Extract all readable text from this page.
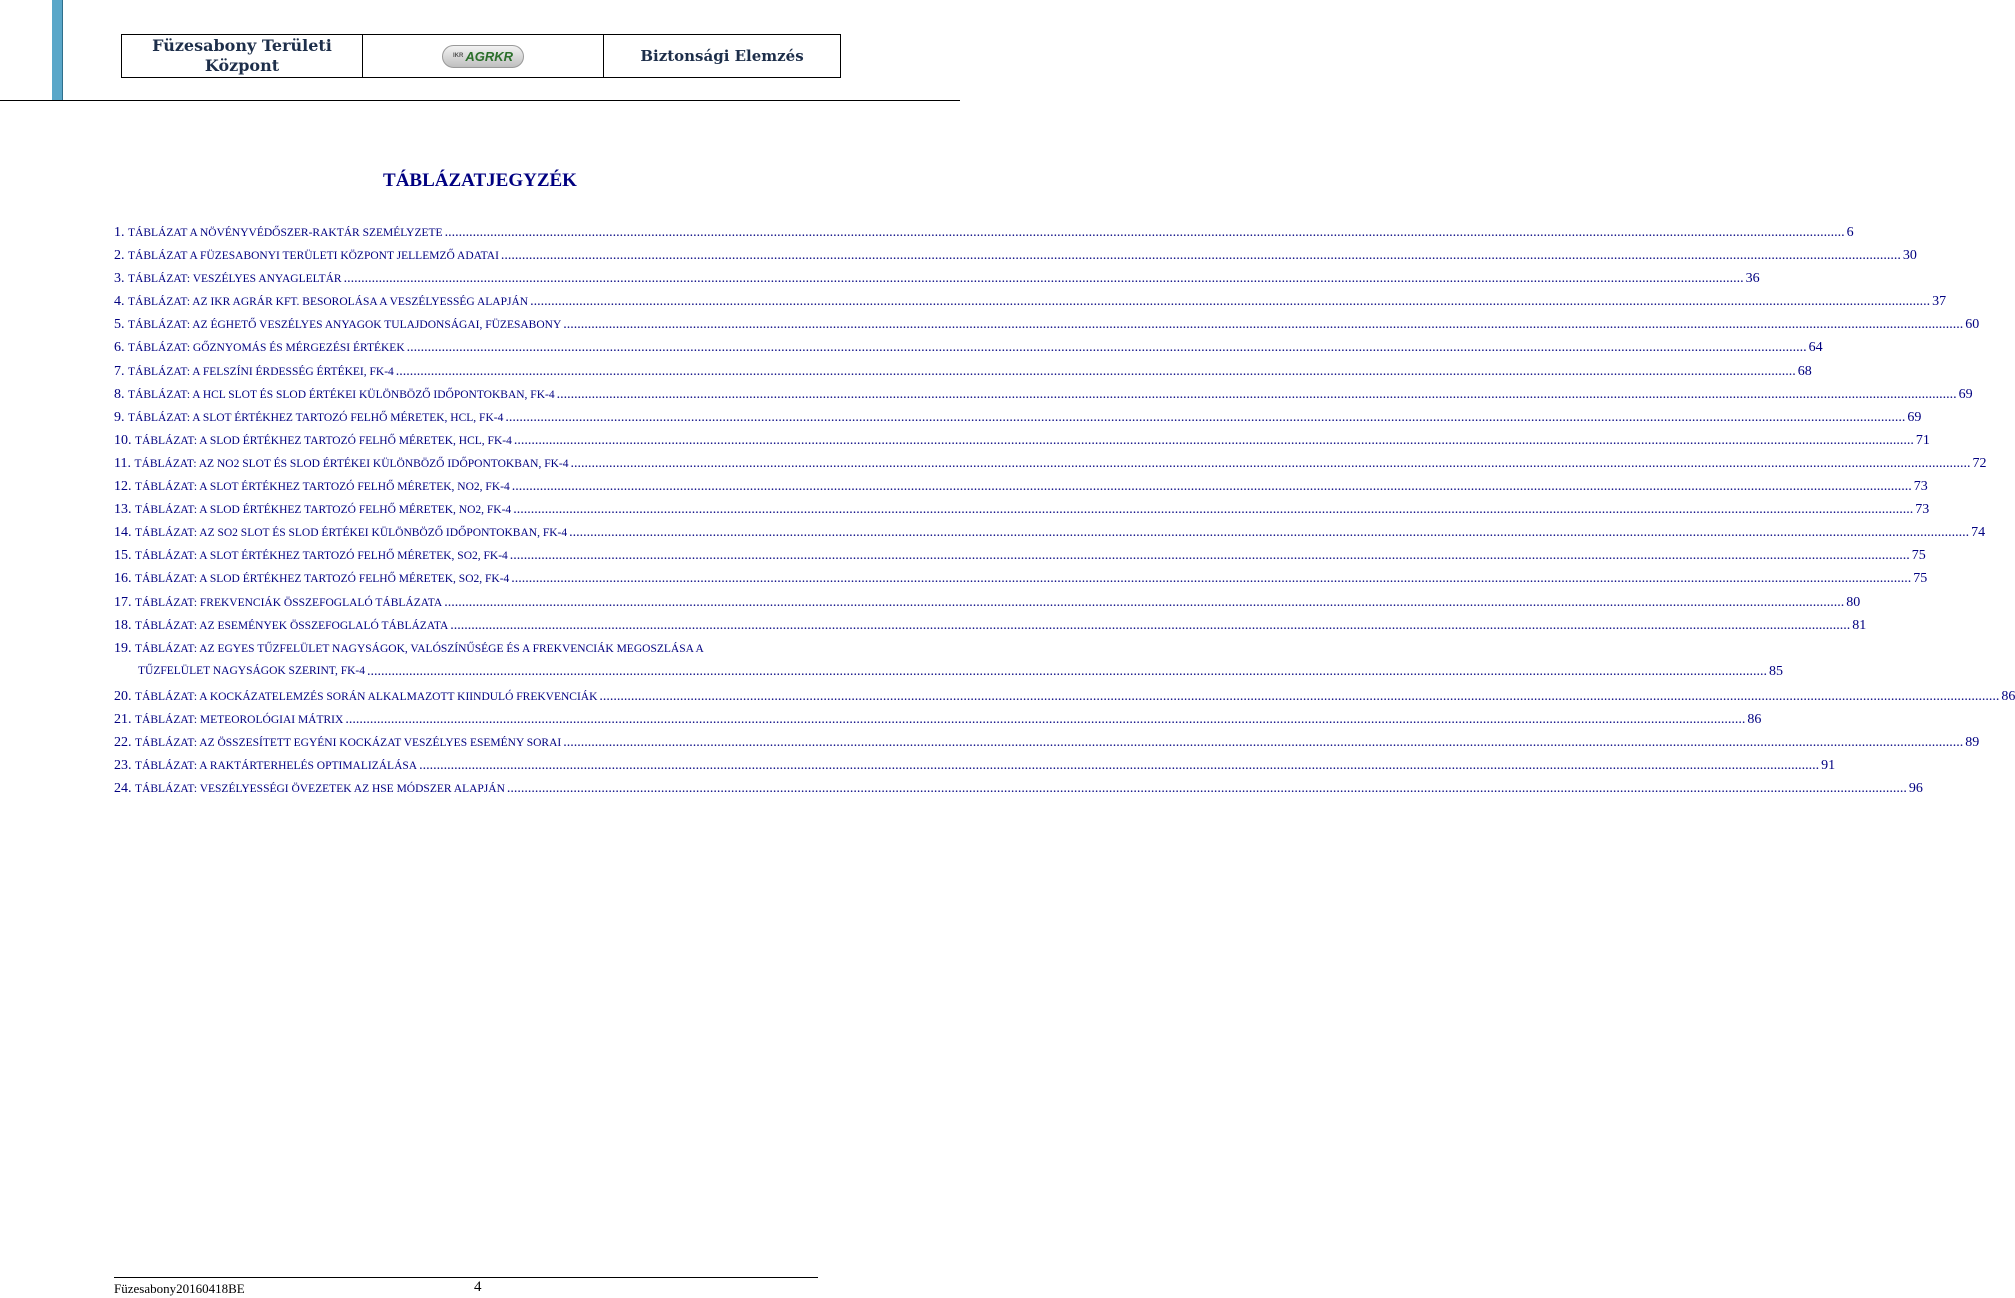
Füzesabony Területi
Központ	IKR AGRKR	Biztonsági Elemzés
TÁBLÁZATJEGYZÉK
1. TÁBLÁZAT A NÖVÉNYVÉDŐSZER-RAKTÁR SZEMÉLYZETE ................................................................................................................................................................................................................................................................................................................................................................................................................ 6
2. TÁBLÁZAT A FÜZESABONYI TERÜLETI KÖZPONT JELLEMZŐ ADATAI ................................................................................................................................................................................................................................................................................................................................................................................................................ 30
3. TÁBLÁZAT: VESZÉLYES ANYAGLELTÁR ................................................................................................................................................................................................................................................................................................................................................................................................................ 36
4. TÁBLÁZAT: AZ IKR AGRÁR KFT. BESOROLÁSA A VESZÉLYESSÉG ALAPJÁN ................................................................................................................................................................................................................................................................................................................................................................................................................ 37
5. TÁBLÁZAT: AZ ÉGHETŐ VESZÉLYES ANYAGOK TULAJDONSÁGAI, FÜZESABONY ................................................................................................................................................................................................................................................................................................................................................................................................................ 60
6. TÁBLÁZAT: GŐZNYOMÁS ÉS MÉRGEZÉSI ÉRTÉKEK ................................................................................................................................................................................................................................................................................................................................................................................................................ 64
7. TÁBLÁZAT: A FELSZÍNI ÉRDESSÉG ÉRTÉKEI, FK-4 ................................................................................................................................................................................................................................................................................................................................................................................................................ 68
8. TÁBLÁZAT: A HCL SLOT ÉS SLOD ÉRTÉKEI KÜLÖNBÖZŐ IDŐPONTOKBAN, FK-4 ................................................................................................................................................................................................................................................................................................................................................................................................................ 69
9. TÁBLÁZAT: A SLOT ÉRTÉKHEZ TARTOZÓ FELHŐ MÉRETEK, HCL, FK-4 ................................................................................................................................................................................................................................................................................................................................................................................................................ 69
10. TÁBLÁZAT: A SLOD ÉRTÉKHEZ TARTOZÓ FELHŐ MÉRETEK, HCL, FK-4 ................................................................................................................................................................................................................................................................................................................................................................................................................ 71
11. TÁBLÁZAT: AZ NO2 SLOT ÉS SLOD ÉRTÉKEI KÜLÖNBÖZŐ IDŐPONTOKBAN, FK-4 ................................................................................................................................................................................................................................................................................................................................................................................................................ 72
12. TÁBLÁZAT: A SLOT ÉRTÉKHEZ TARTOZÓ FELHŐ MÉRETEK, NO2, FK-4 ................................................................................................................................................................................................................................................................................................................................................................................................................ 73
13. TÁBLÁZAT: A SLOD ÉRTÉKHEZ TARTOZÓ FELHŐ MÉRETEK, NO2, FK-4 ................................................................................................................................................................................................................................................................................................................................................................................................................ 73
14. TÁBLÁZAT: AZ SO2 SLOT ÉS SLOD ÉRTÉKEI KÜLÖNBÖZŐ IDŐPONTOKBAN, FK-4 ................................................................................................................................................................................................................................................................................................................................................................................................................ 74
15. TÁBLÁZAT: A SLOT ÉRTÉKHEZ TARTOZÓ FELHŐ MÉRETEK, SO2, FK-4 ................................................................................................................................................................................................................................................................................................................................................................................................................ 75
16. TÁBLÁZAT: A SLOD ÉRTÉKHEZ TARTOZÓ FELHŐ MÉRETEK, SO2, FK-4 ................................................................................................................................................................................................................................................................................................................................................................................................................ 75
17. TÁBLÁZAT: FREKVENCIÁK ÖSSZEFOGLALÓ TÁBLÁZATA ................................................................................................................................................................................................................................................................................................................................................................................................................ 80
18. TÁBLÁZAT: AZ ESEMÉNYEK ÖSSZEFOGLALÓ TÁBLÁZATA ................................................................................................................................................................................................................................................................................................................................................................................................................ 81
19. TÁBLÁZAT: AZ EGYES TŰZFELÜLET NAGYSÁGOK, VALÓSZÍNŰSÉGE ÉS A FREKVENCIÁK MEGOSZLÁSA A
TŰZFELÜLET NAGYSÁGOK SZERINT, FK-4 ................................................................................................................................................................................................................................................................................................................................................................................................................ 85
20. TÁBLÁZAT: A KOCKÁZATELEMZÉS SORÁN ALKALMAZOTT KIINDULÓ FREKVENCIÁK ................................................................................................................................................................................................................................................................................................................................................................................................................ 86
21. TÁBLÁZAT: METEOROLÓGIAI MÁTRIX ................................................................................................................................................................................................................................................................................................................................................................................................................ 86
22. TÁBLÁZAT: AZ ÖSSZESÍTETT EGYÉNI KOCKÁZAT VESZÉLYES ESEMÉNY SORAI ................................................................................................................................................................................................................................................................................................................................................................................................................ 89
23. TÁBLÁZAT: A RAKTÁRTERHELÉS OPTIMALIZÁLÁSA ................................................................................................................................................................................................................................................................................................................................................................................................................ 91
24. TÁBLÁZAT: VESZÉLYESSÉGI ÖVEZETEK AZ HSE MÓDSZER ALAPJÁN ................................................................................................................................................................................................................................................................................................................................................................................................................ 96
Füzesabony20160418BE	4
